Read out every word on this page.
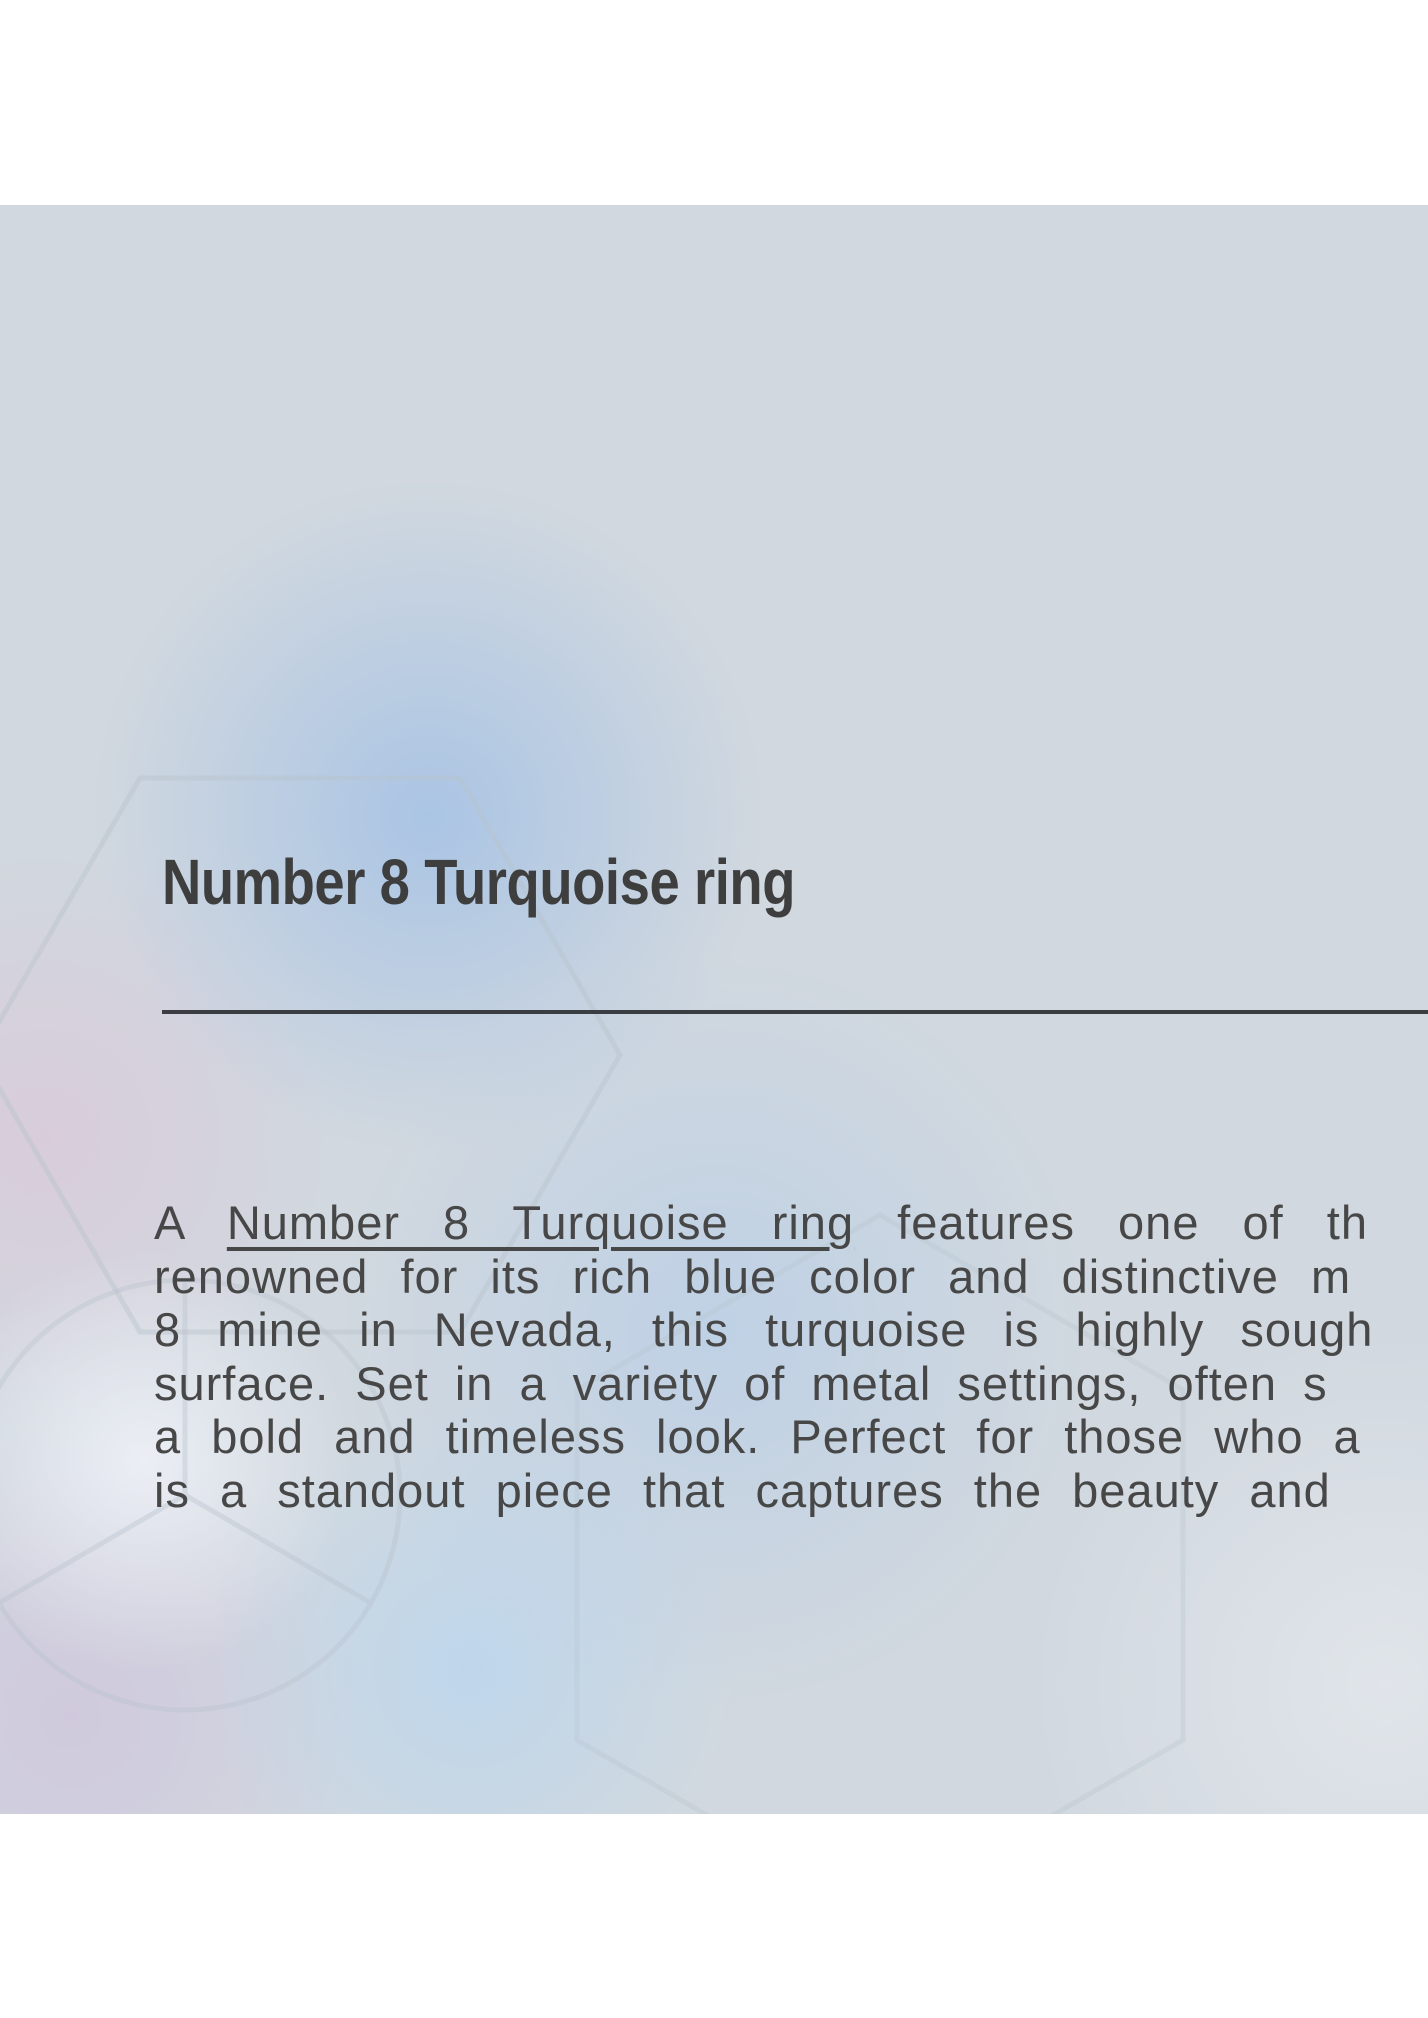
Number 8 Turquoise ring
A Number 8 Turquoise ring features one of th
renowned for its rich blue color and distinctive m
8 mine in Nevada, this turquoise is highly sough
surface. Set in a variety of metal settings, often s
a bold and timeless look. Perfect for those who a
is a standout piece that captures the beauty and
